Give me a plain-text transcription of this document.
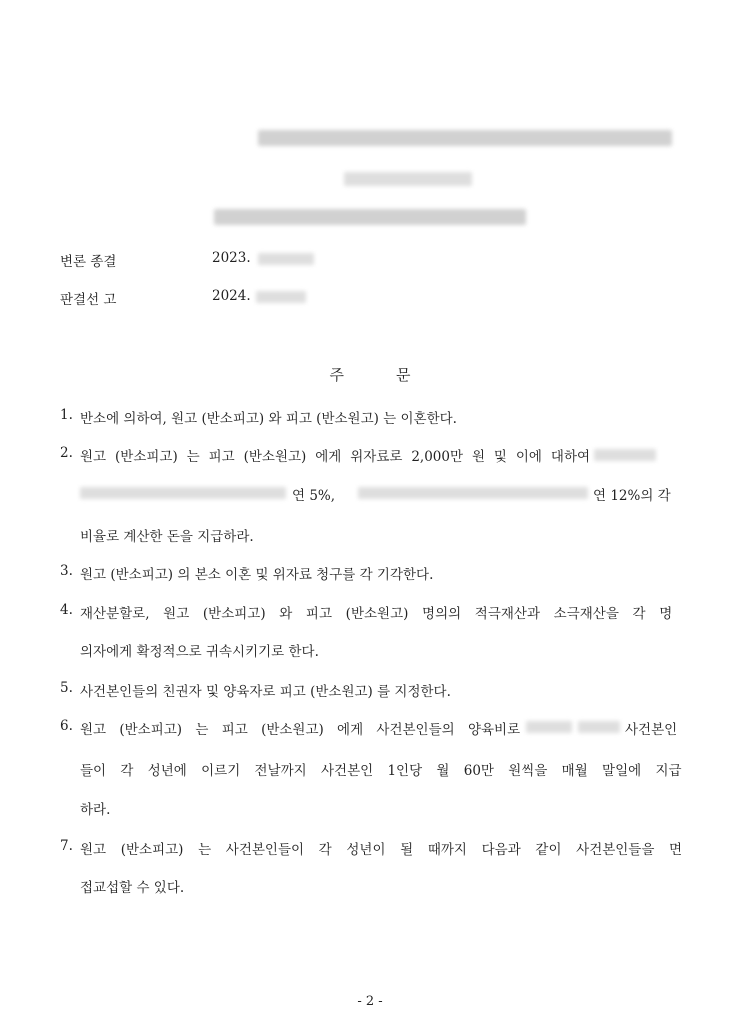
변론 종결	2023.
판결선 고	2024.
주	문
1. 반소에 의하여, 원고 (반소피고) 와 피고 (반소원고) 는 이혼한다.
2. 원고 (반소피고) 는 피고 (반소원고) 에게 위자료로 2,000만 원 및 이에 대하여
연 5%,	연 12%의 각
비율로 계산한 돈을 지급하라.
3. 원고 (반소피고) 의 본소 이혼 및 위자료 청구를 각 기각한다.
4. 재산분할로, 원고 (반소피고) 와 피고 (반소원고) 명의의 적극재산과 소극재산을 각 명
의자에게 확정적으로 귀속시키기로 한다.
5. 사건본인들의 친권자 및 양육자로 피고 (반소원고) 를 지정한다.
6. 원고 (반소피고) 는 피고 (반소원고) 에게 사건본인들의 양육비로	사건본인
들이 각 성년에 이르기 전날까지 사건본인 1인당 월 60만 원씩을 매월 말일에 지급
하라.
7. 원고 (반소피고) 는 사건본인들이 각 성년이 될 때까지 다음과 같이 사건본인들을 면
접교섭할 수 있다.
- 2 -
